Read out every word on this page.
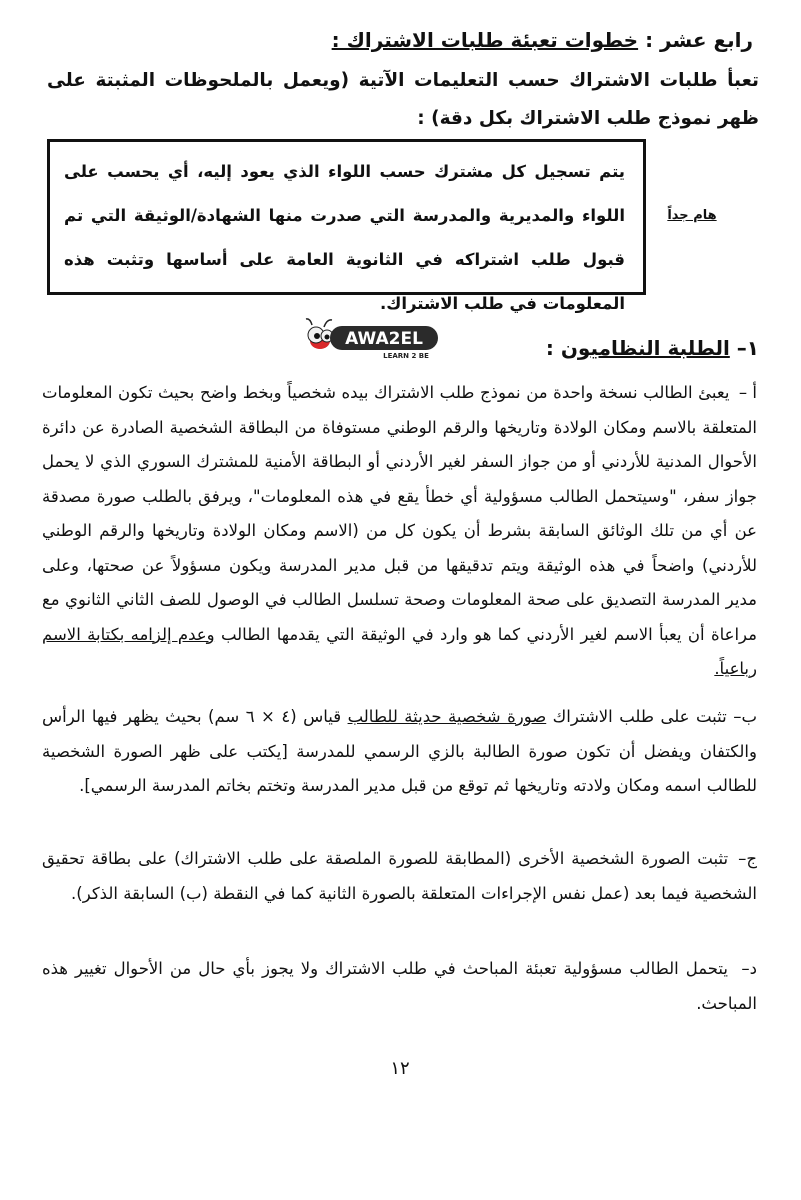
رابع عشر : خطوات تعبئة طلبات الاشتراك :
تعبأ طلبات الاشتراك حسب التعليمات الآتية (ويعمل بالملحوظات المثبتة على ظهر نموذج طلب الاشتراك بكل دقة) :
يتم تسجيل كل مشترك حسب اللواء الذي يعود إليه، أي يحسب على اللواء والمديرية والمدرسة التي صدرت منها الشهادة/الوثيقة التي تم قبول طلب اشتراكه في الثانوية العامة على أساسها وتثبت هذه المعلومات في طلب الاشتراك.
هام جداً
AWA2EL
LEARN 2 BE	١– الطلبة النظاميون :
أ – يعبئ الطالب نسخة واحدة من نموذج طلب الاشتراك بيده شخصياً وبخط واضح بحيث تكون المعلومات المتعلقة بالاسم ومكان الولادة وتاريخها والرقم الوطني مستوفاة من البطاقة الشخصية الصادرة عن دائرة الأحوال المدنية للأردني أو من جواز السفر لغير الأردني أو البطاقة الأمنية للمشترك السوري الذي لا يحمل جواز سفر، "وسيتحمل الطالب مسؤولية أي خطأ يقع في هذه المعلومات"، ويرفق بالطلب صورة مصدقة عن أي من تلك الوثائق السابقة بشرط أن يكون كل من (الاسم ومكان الولادة وتاريخها والرقم الوطني للأردني) واضحاً في هذه الوثيقة ويتم تدقيقها من قبل مدير المدرسة ويكون مسؤولاً عن صحتها، وعلى مدير المدرسة التصديق على صحة المعلومات وصحة تسلسل الطالب في الوصول للصف الثاني الثانوي مع مراعاة أن يعبأ الاسم لغير الأردني كما هو وارد في الوثيقة التي يقدمها الطالب وعدم إلزامه بكتابة الاسم رباعياً.
ب– تثبت على طلب الاشتراك صورة شخصية حديثة للطالب قياس (٤ × ٦ سم) بحيث يظهر فيها الرأس والكتفان ويفضل أن تكون صورة الطالبة بالزي الرسمي للمدرسة [يكتب على ظهر الصورة الشخصية للطالب اسمه ومكان ولادته وتاريخها ثم توقع من قبل مدير المدرسة وتختم بخاتم المدرسة الرسمي].
ج– تثبت الصورة الشخصية الأخرى (المطابقة للصورة الملصقة على طلب الاشتراك) على بطاقة تحقيق الشخصية فيما بعد (عمل نفس الإجراءات المتعلقة بالصورة الثانية كما في النقطة (ب) السابقة الذكر).
د– يتحمل الطالب مسؤولية تعبئة المباحث في طلب الاشتراك ولا يجوز بأي حال من الأحوال تغيير هذه المباحث.
١٢
